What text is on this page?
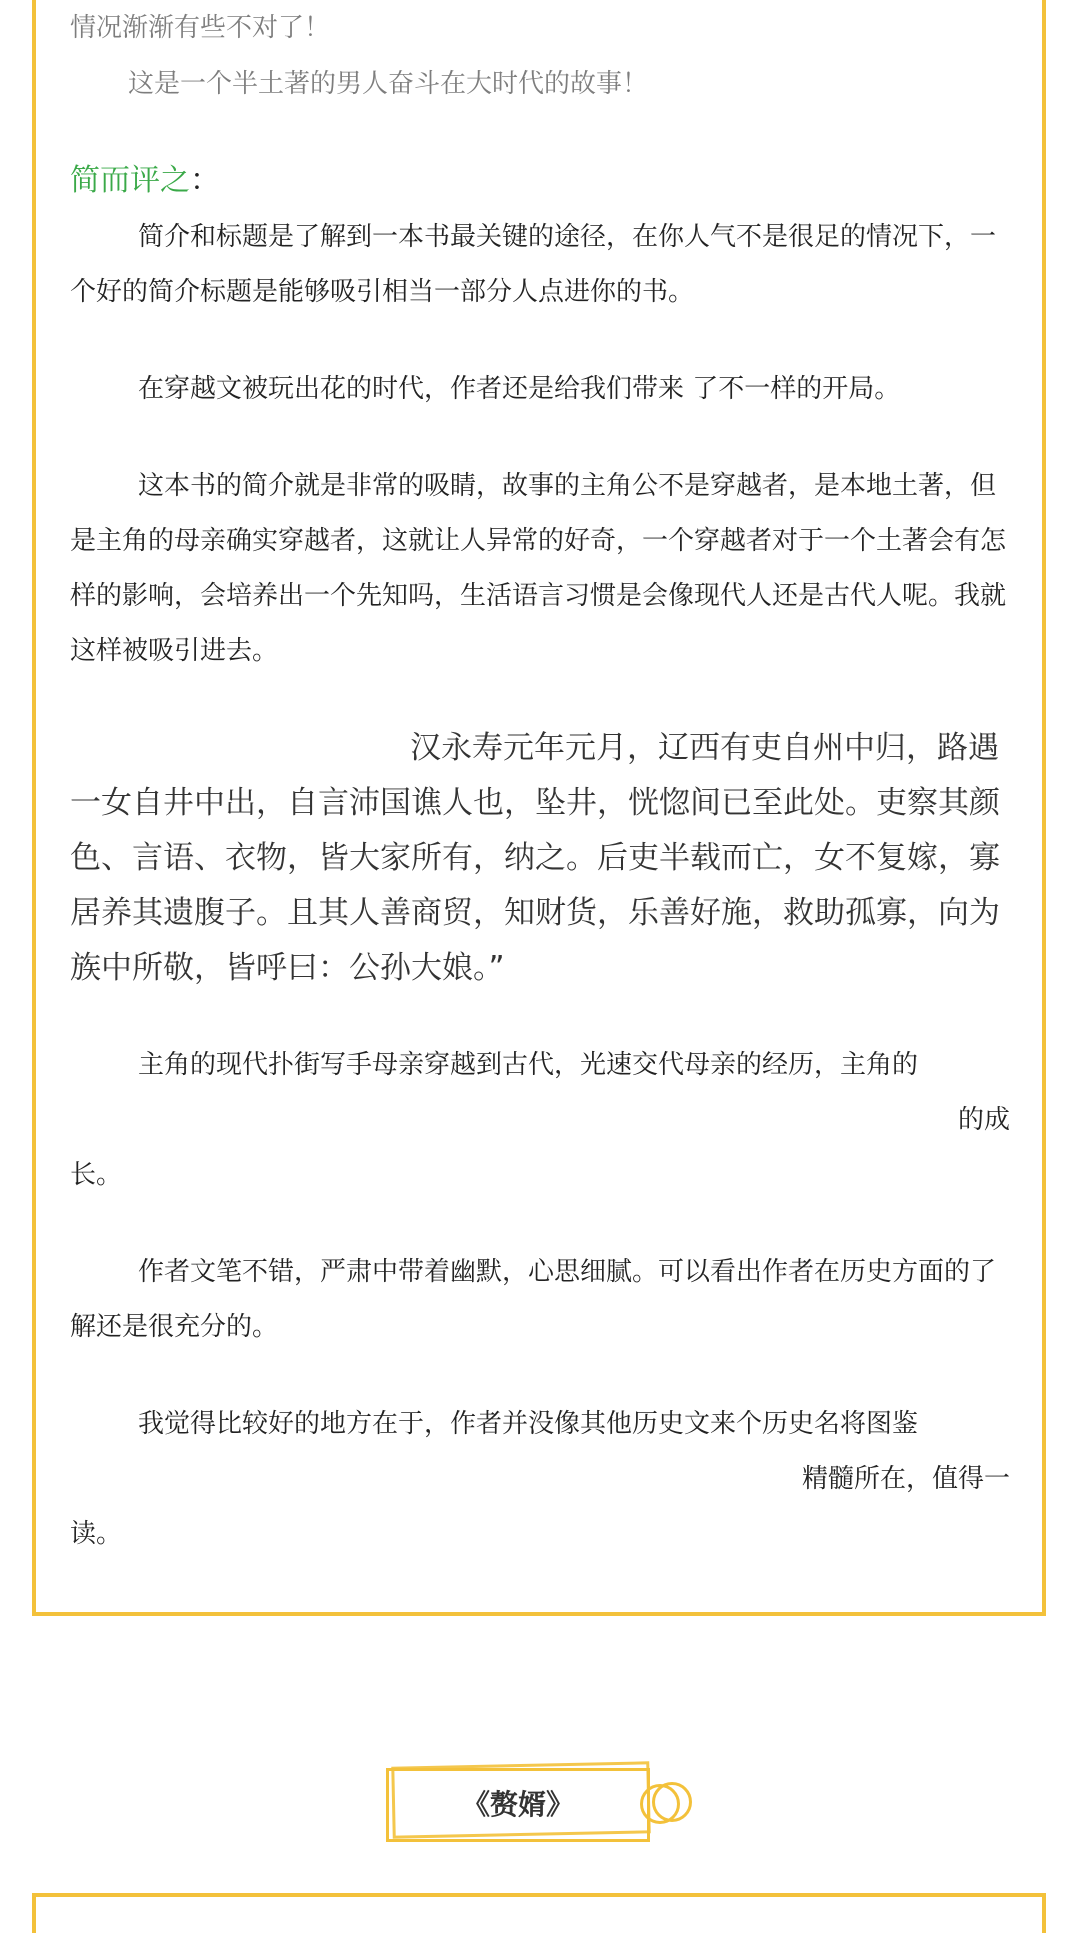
情况渐渐有些不对了！

这是一个半土著的男人奋斗在大时代的故事！

简而评之：

简介和标题是了解到一本书最关键的途径，在你人气不是很足的情况下，一个好的简介标题是能够吸引相当一部分人点进你的书。

在穿越文被玩出花的时代，作者还是给我们带来 了不一样的开局。

这本书的简介就是非常的吸睛，故事的主角公不是穿越者，是本地土著，但是主角的母亲确实穿越者，这就让人异常的好奇，一个穿越者对于一个土著会有怎样的影响，会培养出一个先知吗，生活语言习惯是会像现代人还是古代人呢。我就这样被吸引进去。

汉永寿元年元月，辽西有吏自州中归，路遇一女自井中出，自言沛国谯人也，坠井，恍惚间已至此处。吏察其颜色、言语、衣物，皆大家所有，纳之。后吏半载而亡，女不复嫁，寡居养其遗腹子。且其人善商贸，知财货，乐善好施，救助孤寡，向为族中所敬，皆呼曰：公孙大娘。”

主角的现代扑街写手母亲穿越到古代，光速交代母亲的经历，主角的

的成

长。

作者文笔不错，严肃中带着幽默，心思细腻。可以看出作者在历史方面的了解还是很充分的。

我觉得比较好的地方在于，作者并没像其他历史文来个历史名将图鉴

精髓所在，值得一

读。

《赘婿》
